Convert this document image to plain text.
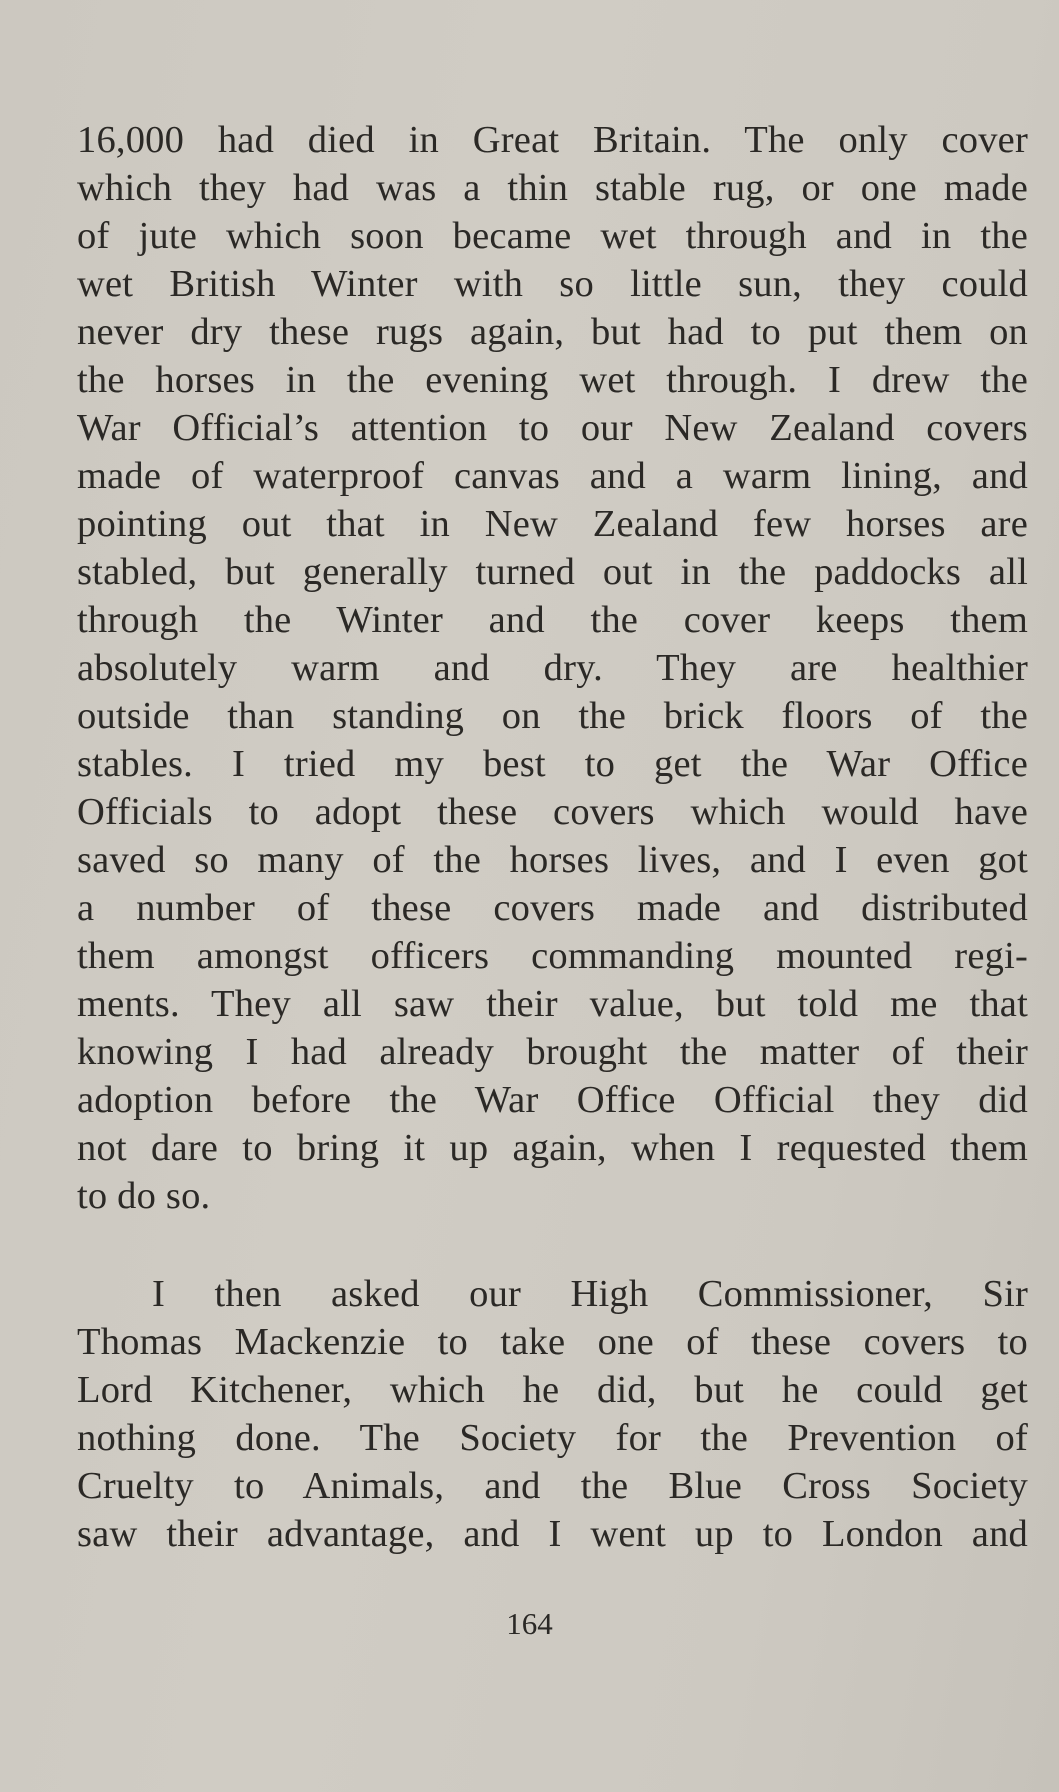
16,000 had died in Great Britain. The only cover
which they had was a thin stable rug, or one made
of jute which soon became wet through and in the
wet British Winter with so little sun, they could
never dry these rugs again, but had to put them on
the horses in the evening wet through. I drew the
War Official’s attention to our New Zealand covers
made of waterproof canvas and a warm lining, and
pointing out that in New Zealand few horses are
stabled, but generally turned out in the paddocks all
through the Winter and the cover keeps them
absolutely warm and dry. They are healthier
outside than standing on the brick floors of the
stables. I tried my best to get the War Office
Officials to adopt these covers which would have
saved so many of the horses lives, and I even got
a number of these covers made and distributed
them amongst officers commanding mounted regi-
ments. They all saw their value, but told me that
knowing I had already brought the matter of their
adoption before the War Office Official they did
not dare to bring it up again, when I requested them
to do so.
I then asked our High Commissioner, Sir
Thomas Mackenzie to take one of these covers to
Lord Kitchener, which he did, but he could get
nothing done. The Society for the Prevention of
Cruelty to Animals, and the Blue Cross Society
saw their advantage, and I went up to London and
164
